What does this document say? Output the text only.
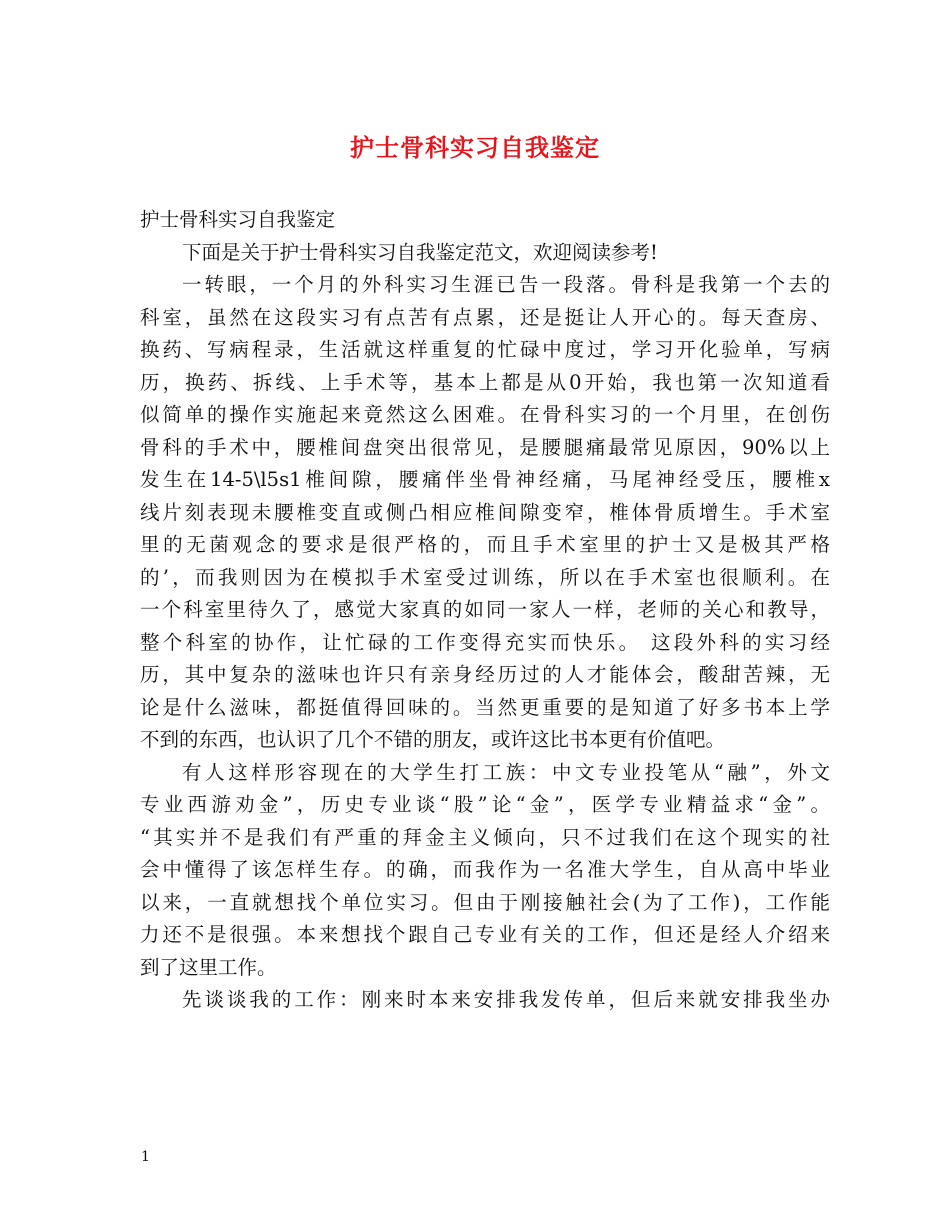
护士骨科实习自我鉴定
护士骨科实习自我鉴定
下面是关于护士骨科实习自我鉴定范文，欢迎阅读参考!
一转眼，一个月的外科实习生涯已告一段落。骨科是我第一个去的
科室，虽然在这段实习有点苦有点累，还是挺让人开心的。每天查房、
换药、写病程录，生活就这样重复的忙碌中度过，学习开化验单，写病
历，换药、拆线、上手术等，基本上都是从0开始，我也第一次知道看
似简单的操作实施起来竟然这么困难。在骨科实习的一个月里，在创伤
骨科的手术中，腰椎间盘突出很常见，是腰腿痛最常见原因，90%以上
发生在14-5\l5s1椎间隙，腰痛伴坐骨神经痛，马尾神经受压，腰椎x
线片刻表现未腰椎变直或侧凸相应椎间隙变窄，椎体骨质增生。手术室
里的无菌观念的要求是很严格的，而且手术室里的护士又是极其严格
的’，而我则因为在模拟手术室受过训练，所以在手术室也很顺利。在
一个科室里待久了，感觉大家真的如同一家人一样，老师的关心和教导，
整个科室的协作，让忙碌的工作变得充实而快乐。 这段外科的实习经
历，其中复杂的滋味也许只有亲身经历过的人才能体会，酸甜苦辣，无
论是什么滋味，都挺值得回味的。当然更重要的是知道了好多书本上学
不到的东西，也认识了几个不错的朋友，或许这比书本更有价值吧。
有人这样形容现在的大学生打工族：中文专业投笔从“融”，外文
专业西游劝金”，历史专业谈“股”论“金”，医学专业精益求“金”。
“其实并不是我们有严重的拜金主义倾向，只不过我们在这个现实的社
会中懂得了该怎样生存。的确，而我作为一名准大学生，自从高中毕业
以来，一直就想找个单位实习。但由于刚接触社会(为了工作)，工作能
力还不是很强。本来想找个跟自己专业有关的工作，但还是经人介绍来
到了这里工作。
先谈谈我的工作：刚来时本来安排我发传单，但后来就安排我坐办
1
